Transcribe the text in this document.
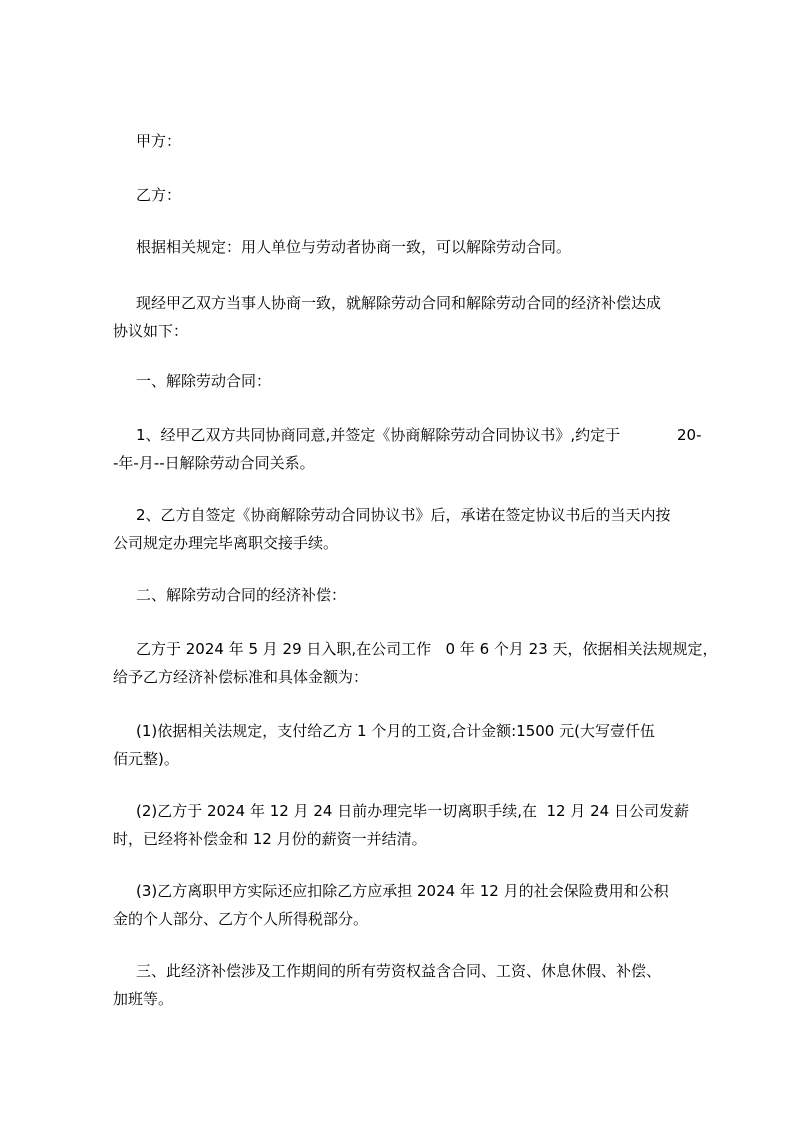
甲方：
乙方：
根据相关规定：用人单位与劳动者协商一致，可以解除劳动合同。
现经甲乙双方当事人协商一致，就解除劳动合同和解除劳动合同的经济补偿达成
协议如下：
一、解除劳动合同：
1、经甲乙双方共同协商同意,并签定《协商解除劳动合同协议书》,约定于	20-
-年-月--日解除劳动合同关系。
2、乙方自签定《协商解除劳动合同协议书》后，承诺在签定协议书后的当天内按
公司规定办理完毕离职交接手续。
二、解除劳动合同的经济补偿：
乙方于 2024 年 5 月 29 日入职,在公司工作   0 年 6 个月 23 天，依据相关法规规定，
给予乙方经济补偿标准和具体金额为：
(1)依据相关法规定，支付给乙方 1 个月的工资,合计金额:1500 元(大写壹仟伍
佰元整)。
(2)乙方于 2024 年 12 月 24 日前办理完毕一切离职手续,在  12 月 24 日公司发薪
时，已经将补偿金和 12 月份的薪资一并结清。
(3)乙方离职甲方实际还应扣除乙方应承担 2024 年 12 月的社会保险费用和公积
金的个人部分、乙方个人所得税部分。
三、此经济补偿涉及工作期间的所有劳资权益含合同、工资、休息休假、补偿、
加班等。
